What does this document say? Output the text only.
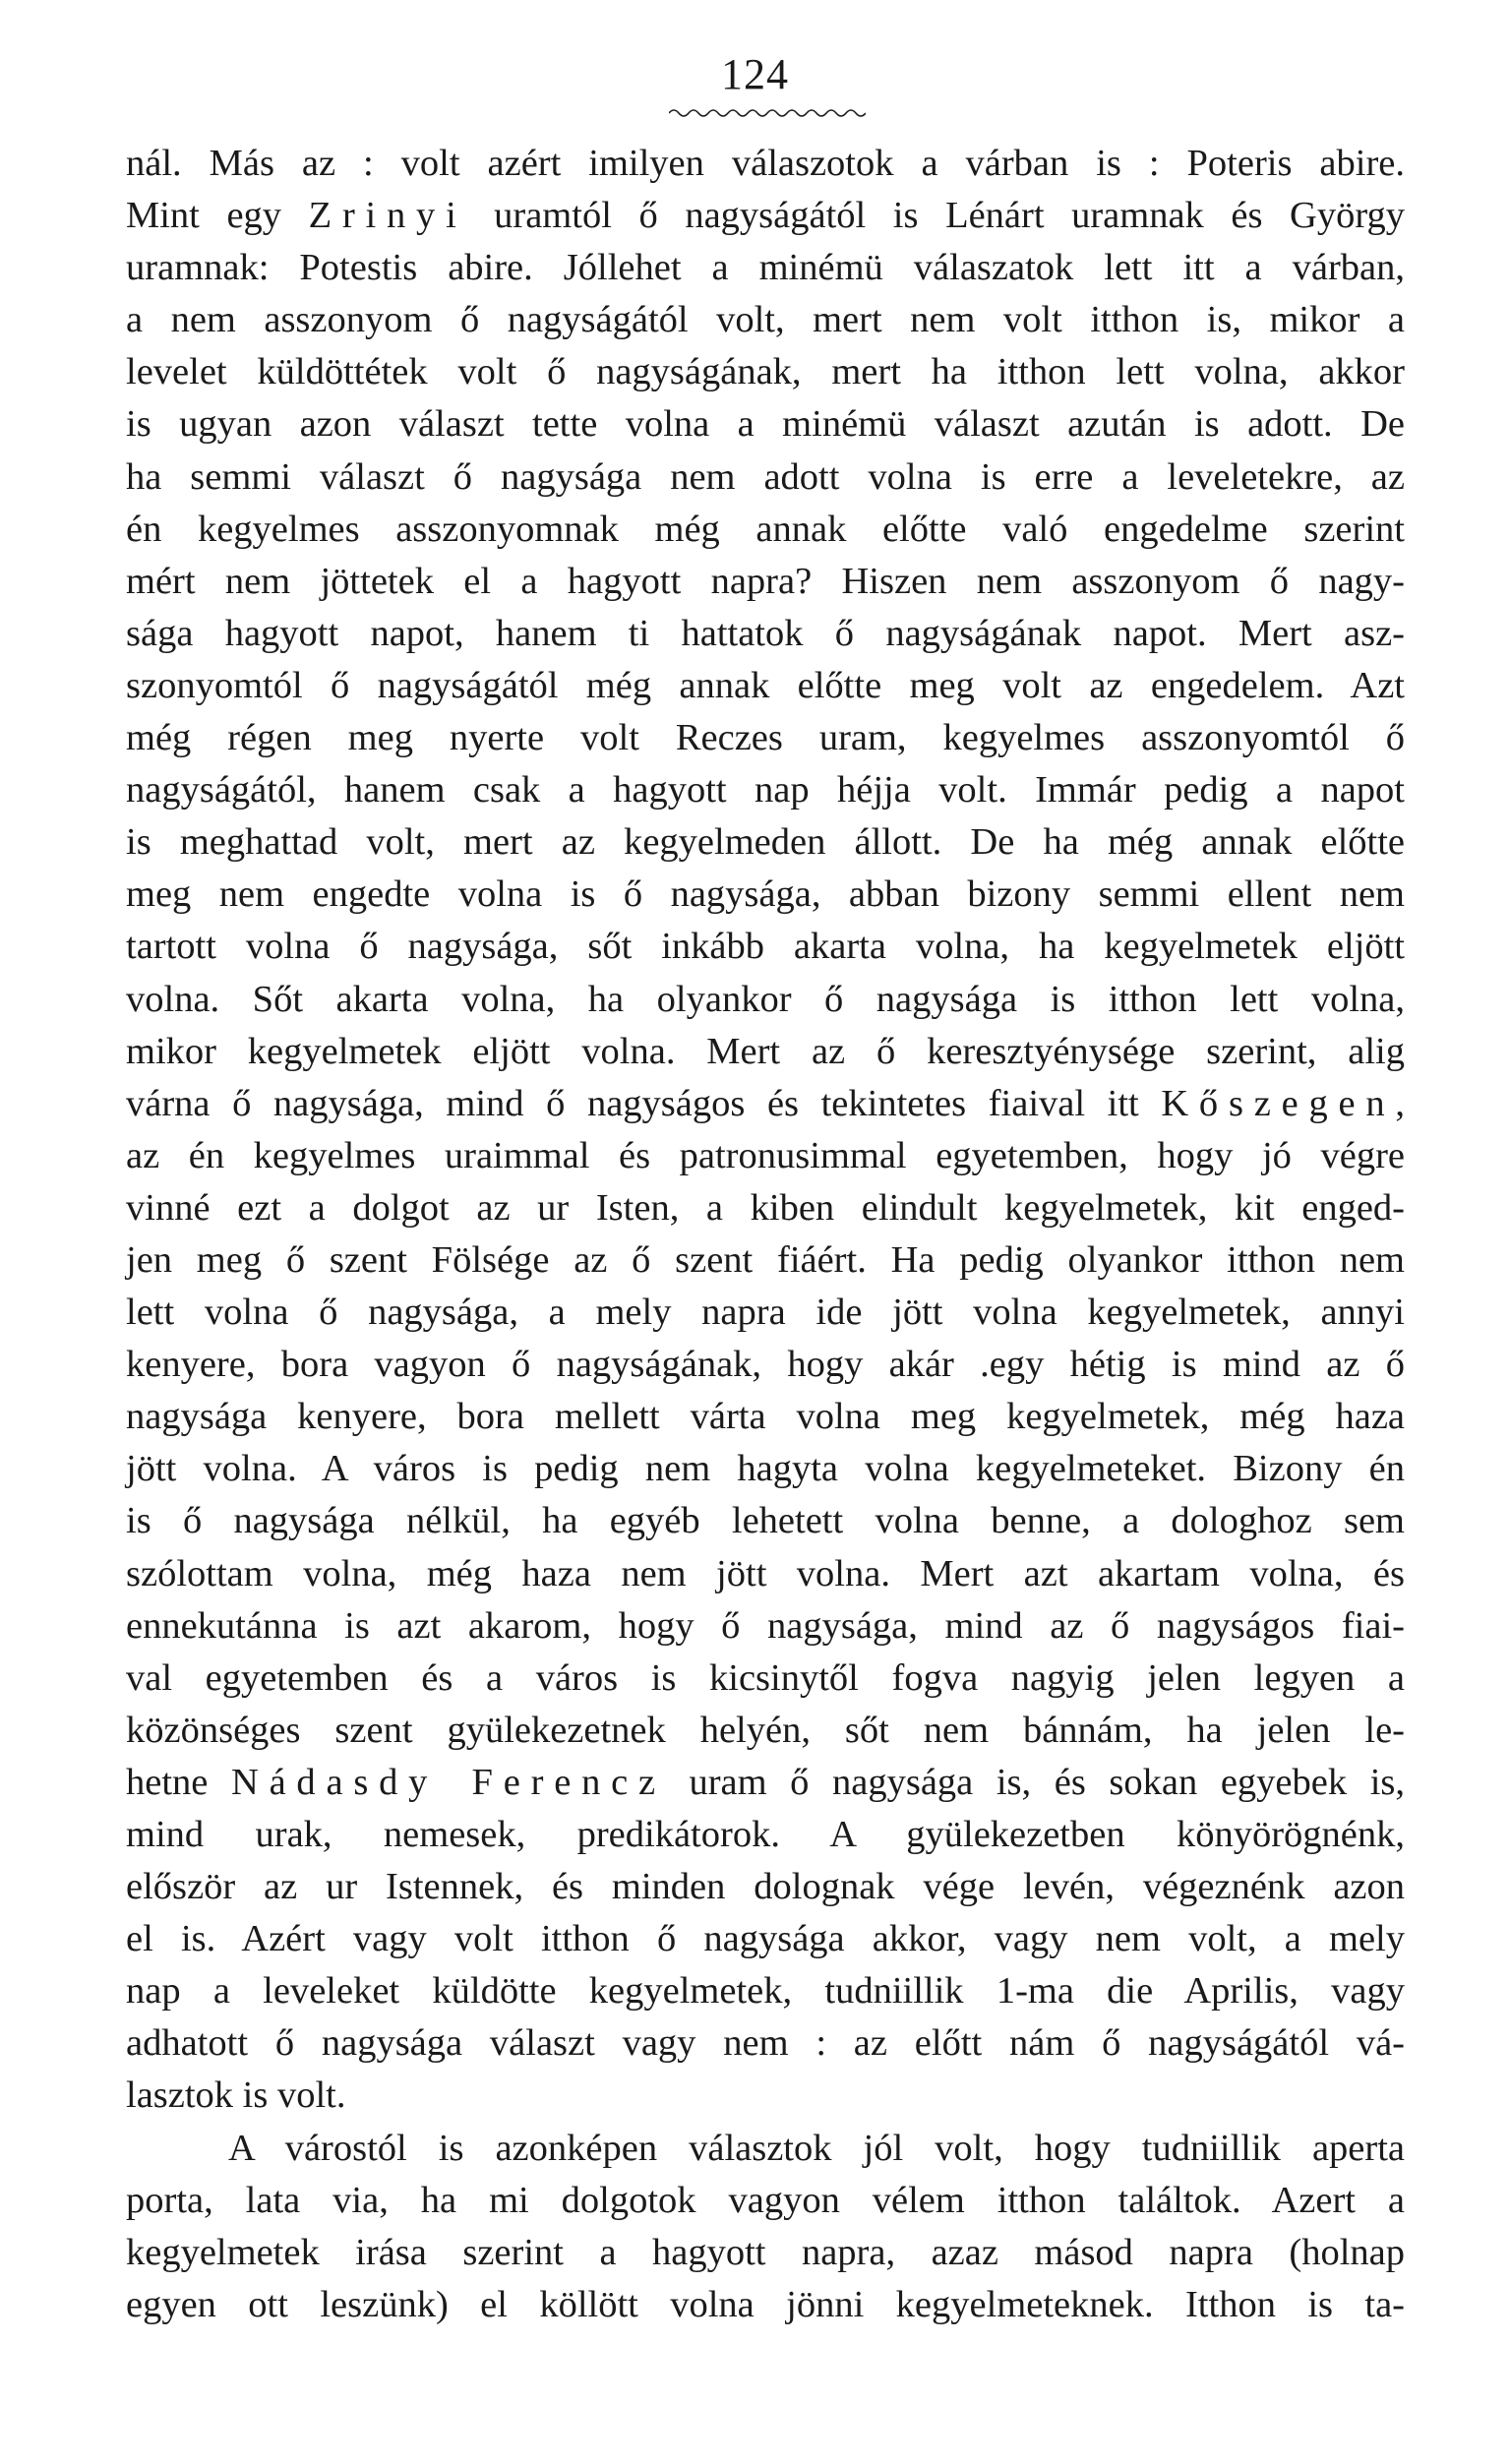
124
nál. Más az : volt azért imilyen válaszotok a várban is : Poteris abire.
Mint egy Zrinyi uramtól ő nagyságától is Lénárt uramnak és György
uramnak: Potestis abire. Jóllehet a minémü válaszatok lett itt a várban,
a nem asszonyom ő nagyságától volt, mert nem volt itthon is, mikor a
levelet küldöttétek volt ő nagyságának, mert ha itthon lett volna, akkor
is ugyan azon választ tette volna a minémü választ azután is adott. De
ha semmi választ ő nagysága nem adott volna is erre a leveletekre, az
én kegyelmes asszonyomnak még annak előtte való engedelme szerint
mért nem jöttetek el a hagyott napra? Hiszen nem asszonyom ő nagy-
sága hagyott napot, hanem ti hattatok ő nagyságának napot. Mert asz-
szonyomtól ő nagyságától még annak előtte meg volt az engedelem. Azt
még régen meg nyerte volt Reczes uram, kegyelmes asszonyomtól ő
nagyságától, hanem csak a hagyott nap héjja volt. Immár pedig a napot
is meghattad volt, mert az kegyelmeden állott. De ha még annak előtte
meg nem engedte volna is ő nagysága, abban bizony semmi ellent nem
tartott volna ő nagysága, sőt inkább akarta volna, ha kegyelmetek eljött
volna. Sőt akarta volna, ha olyankor ő nagysága is itthon lett volna,
mikor kegyelmetek eljött volna. Mert az ő keresztyénysége szerint, alig
várna ő nagysága, mind ő nagyságos és tekintetes fiaival itt Kőszegen,
az én kegyelmes uraimmal és patronusimmal egyetemben, hogy jó végre
vinné ezt a dolgot az ur Isten, a kiben elindult kegyelmetek, kit enged-
jen meg ő szent Fölsége az ő szent fiáért. Ha pedig olyankor itthon nem
lett volna ő nagysága, a mely napra ide jött volna kegyelmetek, annyi
kenyere, bora vagyon ő nagyságának, hogy akár .egy hétig is mind az ő
nagysága kenyere, bora mellett várta volna meg kegyelmetek, még haza
jött volna. A város is pedig nem hagyta volna kegyelmeteket. Bizony én
is ő nagysága nélkül, ha egyéb lehetett volna benne, a dologhoz sem
szólottam volna, még haza nem jött volna. Mert azt akartam volna, és
ennekutánna is azt akarom, hogy ő nagysága, mind az ő nagyságos fiai-
val egyetemben és a város is kicsinytől fogva nagyig jelen legyen a
közönséges szent gyülekezetnek helyén, sőt nem bánnám, ha jelen le-
hetne Nádasdy Ferencz uram ő nagysága is, és sokan egyebek is,
mind urak, nemesek, predikátorok. A gyülekezetben könyörögnénk,
először az ur Istennek, és minden dolognak vége levén, végeznénk azon
el is. Azért vagy volt itthon ő nagysága akkor, vagy nem volt, a mely
nap a leveleket küldötte kegyelmetek, tudniillik 1-ma die Aprilis, vagy
adhatott ő nagysága választ vagy nem : az előtt nám ő nagyságától vá-
lasztok is volt.
A várostól is azonképen választok jól volt, hogy tudniillik aperta
porta, lata via, ha mi dolgotok vagyon vélem itthon találtok. Azert a
kegyelmetek irása szerint a hagyott napra, azaz másod napra (holnap
egyen ott leszünk) el köllött volna jönni kegyelmeteknek. Itthon is ta-
